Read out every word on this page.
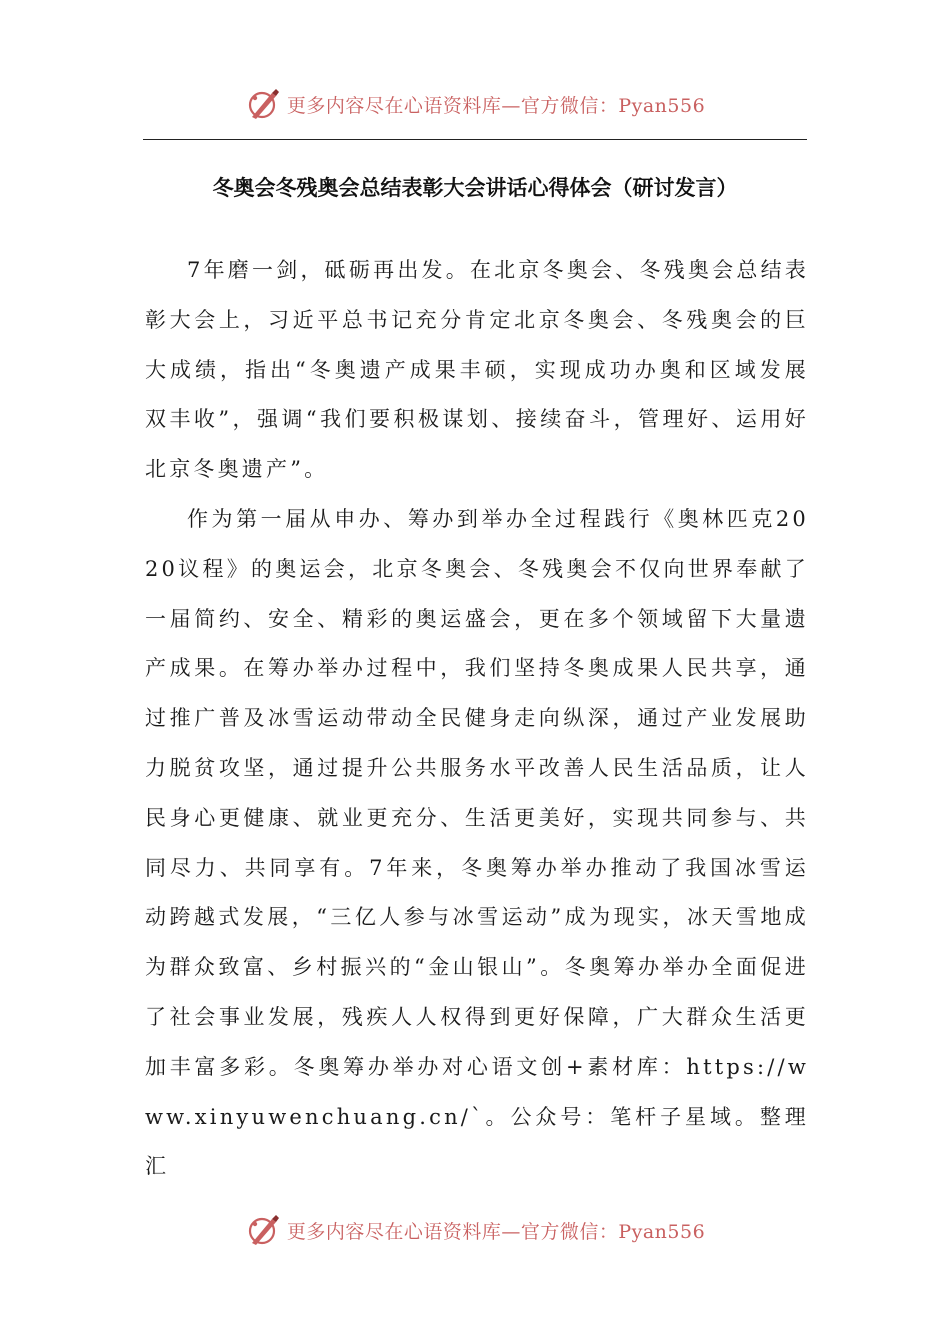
更多内容尽在心语资料库—官方微信：Pyan556
冬奥会冬残奥会总结表彰大会讲话心得体会（研讨发言）

7年磨一剑，砥砺再出发。在北京冬奥会、冬残奥会总结表彰大会上，习近平总书记充分肯定北京冬奥会、冬残奥会的巨大成绩，指出“冬奥遗产成果丰硕，实现成功办奥和区域发展双丰收”，强调“我们要积极谋划、接续奋斗，管理好、运用好北京冬奥遗产”。

作为第一届从申办、筹办到举办全过程践行《奥林匹克2020议程》的奥运会，北京冬奥会、冬残奥会不仅向世界奉献了一届简约、安全、精彩的奥运盛会，更在多个领域留下大量遗产成果。在筹办举办过程中，我们坚持冬奥成果人民共享，通过推广普及冰雪运动带动全民健身走向纵深，通过产业发展助力脱贫攻坚，通过提升公共服务水平改善人民生活品质，让人民身心更健康、就业更充分、生活更美好，实现共同参与、共同尽力、共同享有。7年来，冬奥筹办举办推动了我国冰雪运动跨越式发展，“三亿人参与冰雪运动”成为现实，冰天雪地成为群众致富、乡村振兴的“金山银山”。冬奥筹办举办全面促进了社会事业发展，残疾人人权得到更好保障，广大群众生活更加丰富多彩。冬奥筹办举办对心语文创+素材库：https://www.xinyuwenchuang.cn/`。公众号：笔杆子星域。整理汇

更多内容尽在心语资料库—官方微信：Pyan556
